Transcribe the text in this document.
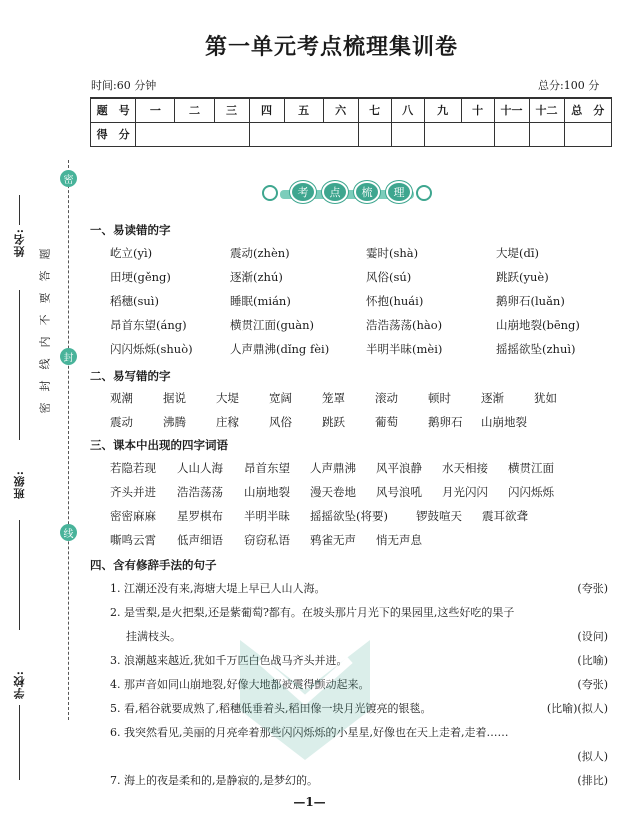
姓名:
班级:
学校:
密
封
线
题
答
要
不
内
线
封
密
第一单元考点梳理集训卷
时间:60 分钟	总分:100 分
题　号	一	二	三	四	五	六	七	八	九	十	十一	十二	总　分
得　分													
考	点	梳	理
一、易读错的字
屹立(yì)	震动(zhèn)	霎时(shà)	大堤(dī)
田埂(gěng)	逐渐(zhú)	风俗(sú)	跳跃(yuè)
稻穗(suì)	睡眠(mián)	怀抱(huái)	鹅卵石(luǎn)
昂首东望(áng)	横贯江面(guàn)	浩浩荡荡(hào)	山崩地裂(bēng)
闪闪烁烁(shuò)	人声鼎沸(dǐng fèi)	半明半昧(mèi)	摇摇欲坠(zhuì)
二、易写错的字
观潮	据说	大堤	宽阔	笼罩	滚动	顿时	逐渐	犹如
震动	沸腾	庄稼	风俗	跳跃	葡萄	鹅卵石 山崩地裂
三、课本中出现的四字词语
若隐若现 人山人海 昂首东望 人声鼎沸 风平浪静 水天相接 横贯江面
齐头并进 浩浩荡荡 山崩地裂 漫天卷地 风号浪吼 月光闪闪 闪闪烁烁
密密麻麻 星罗棋布 半明半昧 摇摇欲坠(将要) 锣鼓喧天 震耳欲聋
嘶鸣云霄 低声细语 窃窃私语 鸦雀无声 悄无声息
四、含有修辞手法的句子
1. 江潮还没有来,海塘大堤上早已人山人海。	(夸张)
2. 是雪梨,是火把梨,还是紫葡萄?都有。在坡头那片月光下的果园里,这些好吃的果子
挂满枝头。	(设问)
3. 浪潮越来越近,犹如千万匹白色战马齐头并进。	(比喻)
4. 那声音如同山崩地裂,好像大地都被震得颤动起来。	(夸张)
5. 看,稻谷就要成熟了,稻穗低垂着头,稻田像一块月光镀亮的银毯。	(比喻)(拟人)
6. 我突然看见,美丽的月亮牵着那些闪闪烁烁的小星星,好像也在天上走着,走着……
(拟人)
7. 海上的夜是柔和的,是静寂的,是梦幻的。	(排比)
—1—
